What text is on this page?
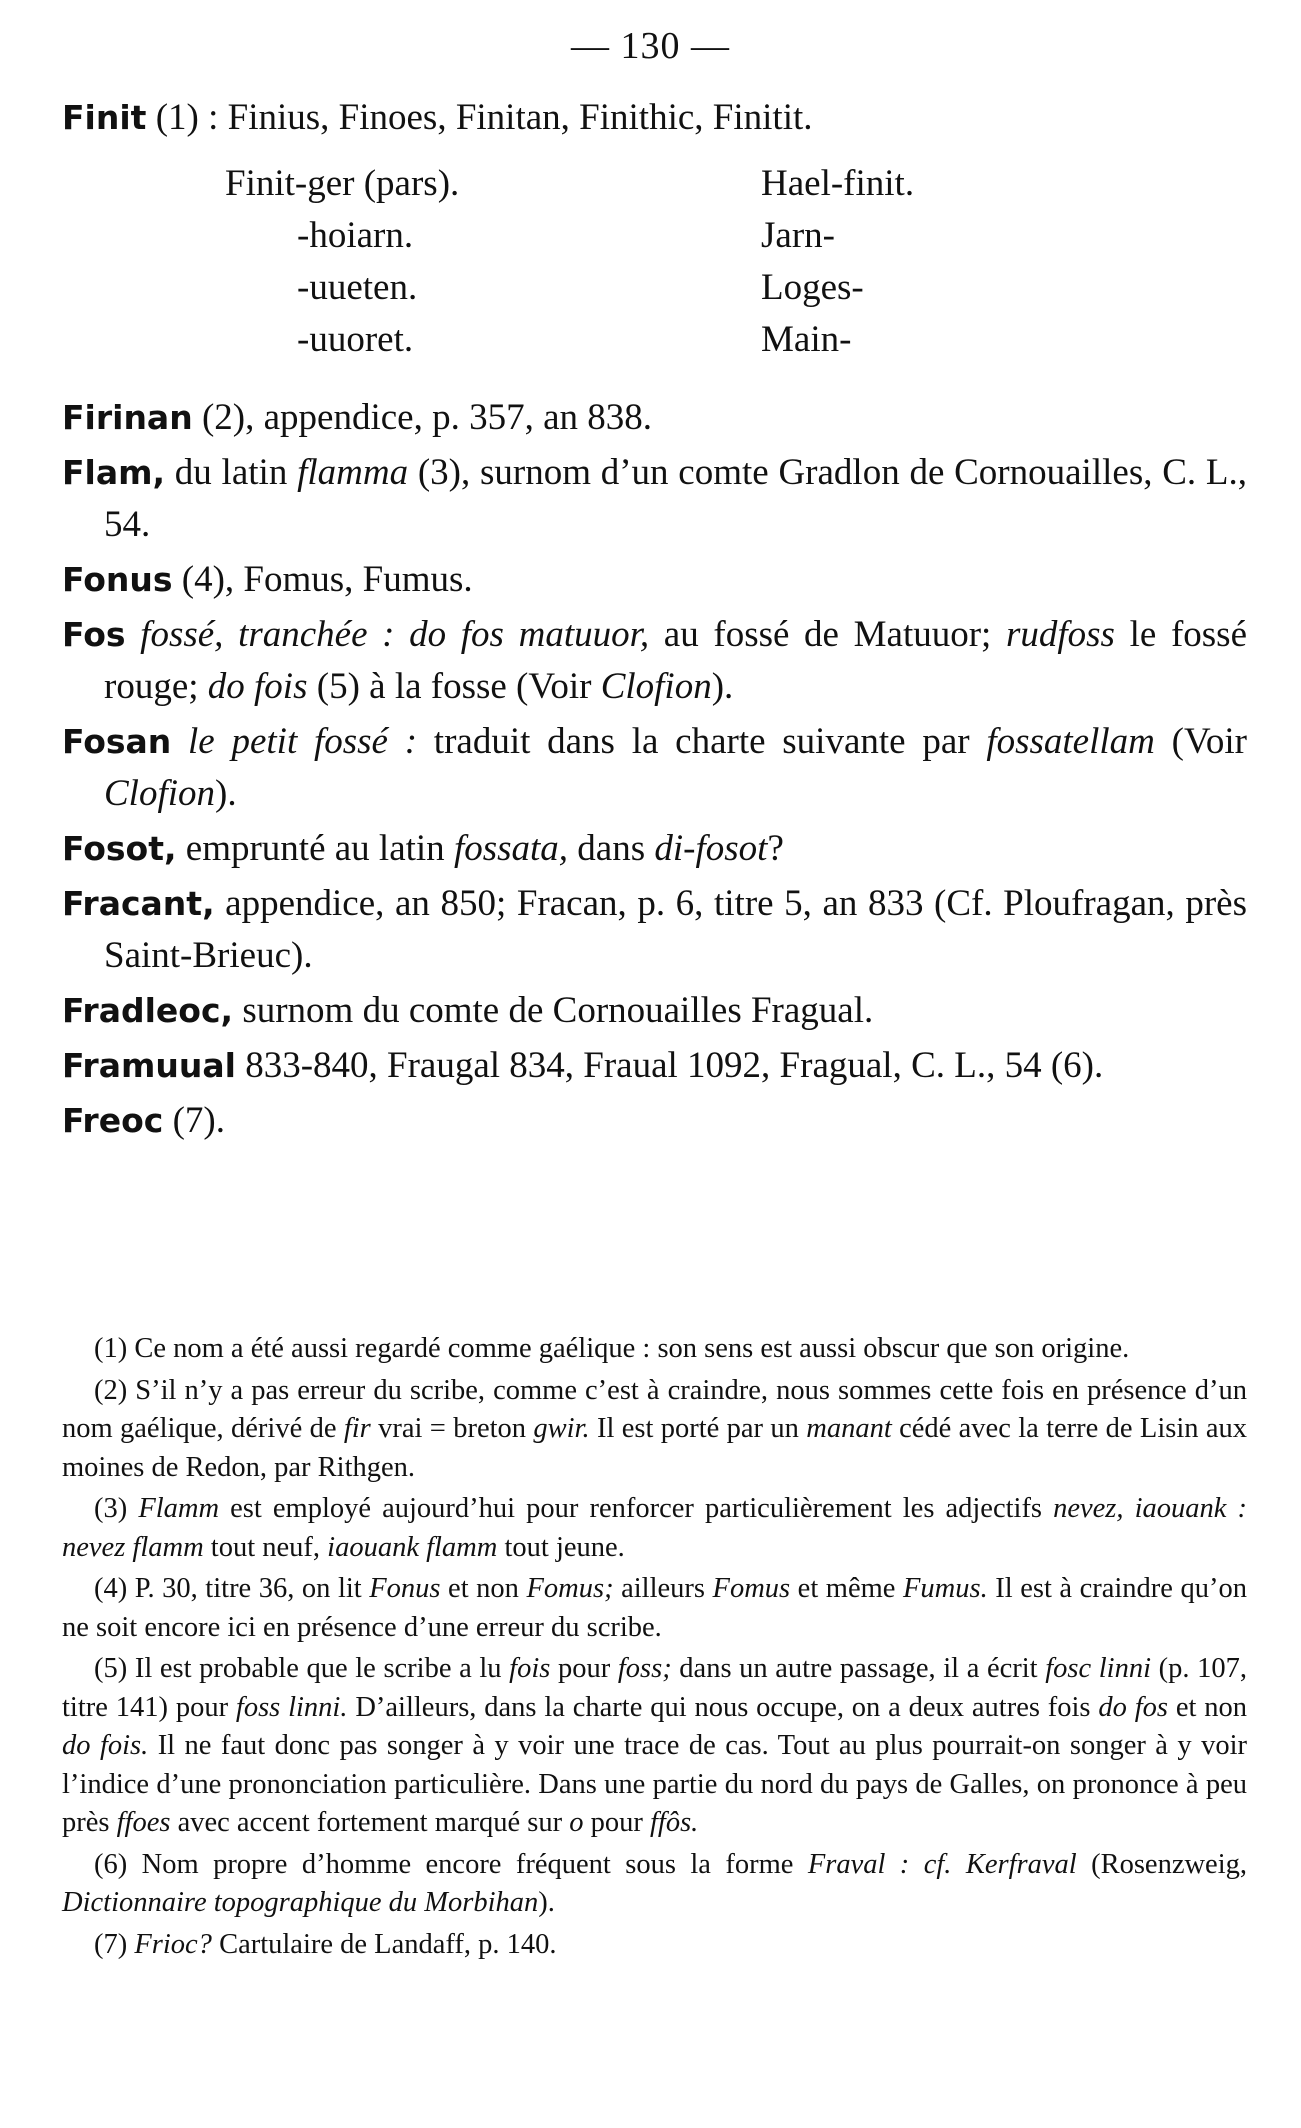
— 130 —

Finit (1) : Finius, Finoes, Finitan, Finithic, Finitit.

Finit-ger (pars).
-hoiarn.
-uueten.
-uuoret.
Hael-finit.
Jarn-
Loges-
Main-

Firinan (2), appendice, p. 357, an 838.

Flam, du latin flamma (3), surnom d’un comte Gradlon de Cornouailles, C. L., 54.

Fonus (4), Fomus, Fumus.

Fos fossé, tranchée : do fos matuuor, au fossé de Matuuor; rudfoss le fossé rouge; do fois (5) à la fosse (Voir Clofion).

Fosan le petit fossé : traduit dans la charte suivante par fossatellam (Voir Clofion).

Fosot, emprunté au latin fossata, dans di-fosot?

Fracant, appendice, an 850; Fracan, p. 6, titre 5, an 833 (Cf. Ploufragan, près Saint-Brieuc).

Fradleoc, surnom du comte de Cornouailles Fragual.

Framuual 833-840, Fraugal 834, Fraual 1092, Fragual, C. L., 54 (6).

Freoc (7).

(1) Ce nom a été aussi regardé comme gaélique : son sens est aussi obscur que son origine.

(2) S’il n’y a pas erreur du scribe, comme c’est à craindre, nous sommes cette fois en présence d’un nom gaélique, dérivé de fir vrai = breton gwir. Il est porté par un manant cédé avec la terre de Lisin aux moines de Redon, par Rithgen.

(3) Flamm est employé aujourd’hui pour renforcer particulièrement les adjectifs nevez, iaouank : nevez flamm tout neuf, iaouank flamm tout jeune.

(4) P. 30, titre 36, on lit Fonus et non Fomus; ailleurs Fomus et même Fumus. Il est à craindre qu’on ne soit encore ici en présence d’une erreur du scribe.

(5) Il est probable que le scribe a lu fois pour foss; dans un autre passage, il a écrit fosc linni (p. 107, titre 141) pour foss linni. D’ailleurs, dans la charte qui nous occupe, on a deux autres fois do fos et non do fois. Il ne faut donc pas songer à y voir une trace de cas. Tout au plus pourrait-on songer à y voir l’indice d’une prononciation particulière. Dans une partie du nord du pays de Galles, on prononce à peu près ffoes avec accent fortement marqué sur o pour ffôs.

(6) Nom propre d’homme encore fréquent sous la forme Fraval : cf. Kerfraval (Rosenzweig, Dictionnaire topographique du Morbihan).

(7) Frioc? Cartulaire de Landaff, p. 140.
